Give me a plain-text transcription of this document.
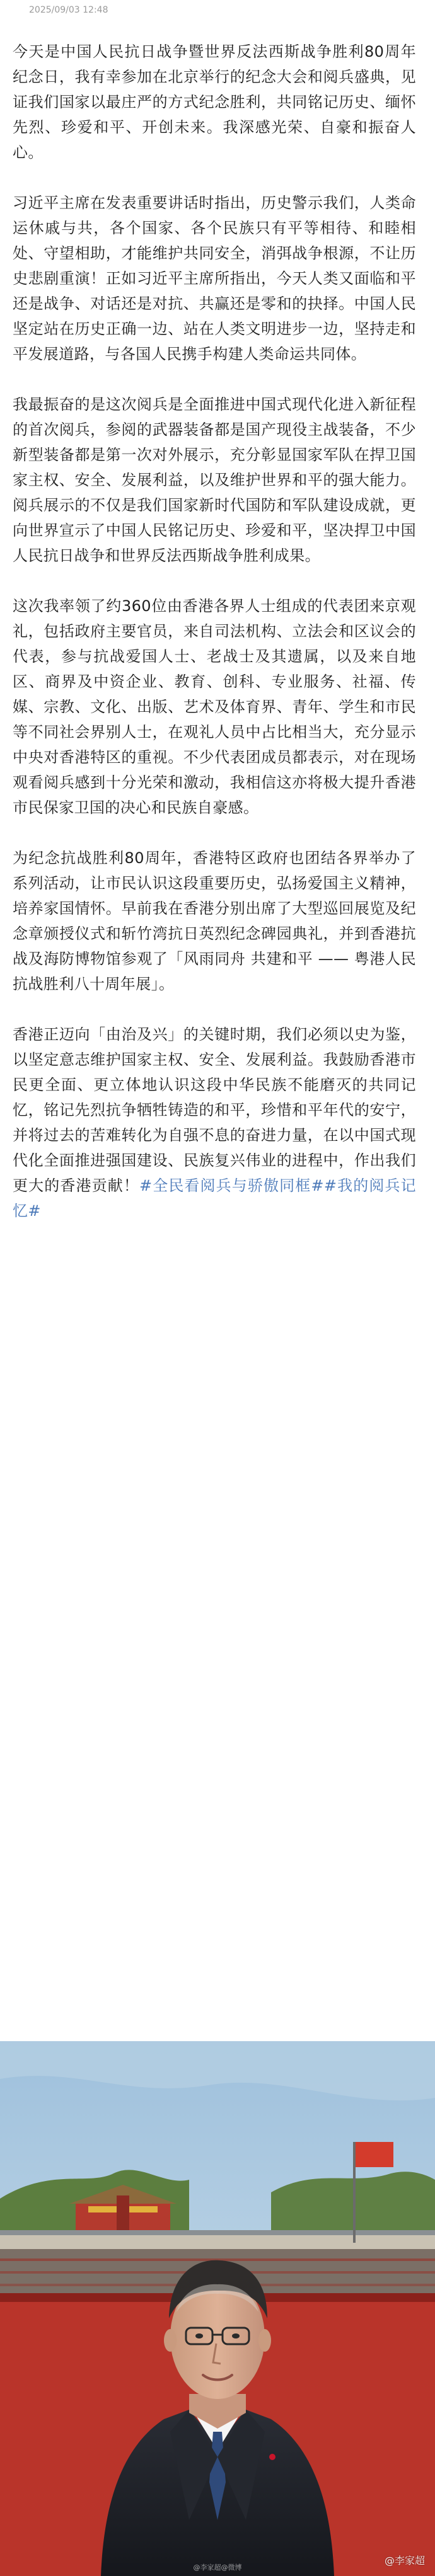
2025/09/03 12:48

今天是中国人民抗日战争暨世界反法西斯战争胜利80周年纪念日，我有幸参加在北京举行的纪念大会和阅兵盛典，见证我们国家以最庄严的方式纪念胜利，共同铭记历史、缅怀先烈、珍爱和平、开创未来。我深感光荣、自豪和振奋人心。

习近平主席在发表重要讲话时指出，历史警示我们，人类命运休戚与共，各个国家、各个民族只有平等相待、和睦相处、守望相助，才能维护共同安全，消弭战争根源，不让历史悲剧重演！正如习近平主席所指出，今天人类又面临和平还是战争、对话还是对抗、共赢还是零和的抉择。中国人民坚定站在历史正确一边、站在人类文明进步一边，坚持走和平发展道路，与各国人民携手构建人类命运共同体。

我最振奋的是这次阅兵是全面推进中国式现代化进入新征程的首次阅兵，参阅的武器装备都是国产现役主战装备，不少新型装备都是第一次对外展示，充分彰显国家军队在捍卫国家主权、安全、发展利益，以及维护世界和平的强大能力。阅兵展示的不仅是我们国家新时代国防和军队建设成就，更向世界宣示了中国人民铭记历史、珍爱和平，坚决捍卫中国人民抗日战争和世界反法西斯战争胜利成果。

这次我率领了约360位由香港各界人士组成的代表团来京观礼，包括政府主要官员，来自司法机构、立法会和区议会的代表，参与抗战爱国人士、老战士及其遗属，以及来自地区、商界及中资企业、教育、创科、专业服务、社福、传媒、宗教、文化、出版、艺术及体育界、青年、学生和市民等不同社会界别人士，在观礼人员中占比相当大，充分显示中央对香港特区的重视。不少代表团成员都表示，对在现场观看阅兵感到十分光荣和激动，我相信这亦将极大提升香港市民保家卫国的决心和民族自豪感。

为纪念抗战胜利80周年，香港特区政府也团结各界举办了系列活动，让市民认识这段重要历史，弘扬爱国主义精神，培养家国情怀。早前我在香港分别出席了大型巡回展览及纪念章颁授仪式和斩竹湾抗日英烈纪念碑园典礼，并到香港抗战及海防博物馆参观了「风雨同舟 共建和平 —— 粤港人民抗战胜利八十周年展」。

香港正迈向「由治及兴」的关键时期，我们必须以史为鉴，以坚定意志维护国家主权、安全、发展利益。我鼓励香港市民更全面、更立体地认识这段中华民族不能磨灭的共同记忆，铭记先烈抗争牺牲铸造的和平，珍惜和平年代的安宁，并将过去的苦难转化为自强不息的奋进力量，在以中国式现代化全面推进强国建设、民族复兴伟业的进程中，作出我们更大的香港贡献！#全民看阅兵与骄傲同框##我的阅兵记忆#

@李家超@微博
@李家超
